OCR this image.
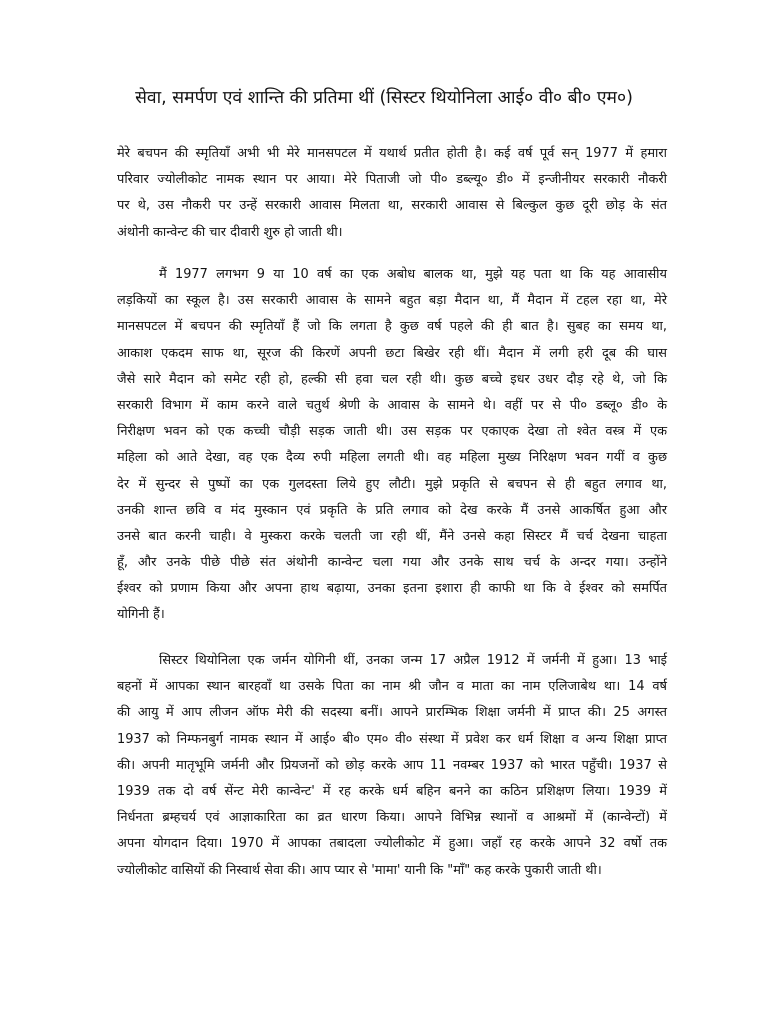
सेवा, समर्पण एवं शान्ति की प्रतिमा थीं (सिस्टर थियोनिला आई० वी० बी० एम०)
मेरे बचपन की स्मृतियाँ अभी भी मेरे मानसपटल में यथार्थ प्रतीत होती है। कई वर्ष पूर्व सन् 1977 में हमारा
परिवार ज्योलीकोट नामक स्थान पर आया। मेरे पिताजी जो पी० डब्ल्यू० डी० में इन्जीनीयर सरकारी नौकरी
पर थे, उस नौकरी पर उन्हें सरकारी आवास मिलता था, सरकारी आवास से बिल्कुल कुछ दूरी छोड़ के संत
अंथोनी कान्वेन्ट की चार दीवारी शुरु हो जाती थी।
मैं 1977 लगभग 9 या 10 वर्ष का एक अबोध बालक था, मुझे यह पता था कि यह आवासीय
लड़कियों का स्कूल है। उस सरकारी आवास के सामने बहुत बड़ा मैदान था, मैं मैदान में टहल रहा था, मेरे
मानसपटल में बचपन की स्मृतियाँ हैं जो कि लगता है कुछ वर्ष पहले की ही बात है। सुबह का समय था,
आकाश एकदम साफ था, सूरज की किरणें अपनी छटा बिखेर रही थीं। मैदान में लगी हरी दूब की घास
जैसे सारे मैदान को समेट रही हो, हल्की सी हवा चल रही थी। कुछ बच्चे इधर उधर दौड़ रहे थे, जो कि
सरकारी विभाग में काम करने वाले चतुर्थ श्रेणी के आवास के सामने थे। वहीं पर से पी० डब्लू० डी० के
निरीक्षण भवन को एक कच्ची चौड़ी सड़क जाती थी। उस सड़क पर एकाएक देखा तो श्वेत वस्त्र में एक
महिला को आते देखा, वह एक दैव्य रुपी महिला लगती थी। वह महिला मुख्य निरिक्षण भवन गयीं व कुछ
देर में सुन्दर से पुष्पों का एक गुलदस्ता लिये हुए लौटी। मुझे प्रकृति से बचपन से ही बहुत लगाव था,
उनकी शान्त छवि व मंद मुस्कान एवं प्रकृति के प्रति लगाव को देख करके मैं उनसे आकर्षित हुआ और
उनसे बात करनी चाही। वे मुस्करा करके चलती जा रही थीं, मैंने उनसे कहा सिस्टर मैं चर्च देखना चाहता
हूँ, और उनके पीछे पीछे संत अंथोनी कान्वेन्ट चला गया और उनके साथ चर्च के अन्दर गया। उन्होंने
ईश्वर को प्रणाम किया और अपना हाथ बढ़ाया, उनका इतना इशारा ही काफी था कि वे ईश्वर को समर्पित
योगिनी हैं।
सिस्टर थियोनिला एक जर्मन योगिनी थीं, उनका जन्म 17 अप्रैल 1912 में जर्मनी में हुआ। 13 भाई
बहनों में आपका स्थान बारहवाँ था उसके पिता का नाम श्री जौन व माता का नाम एलिजाबेथ था। 14 वर्ष
की आयु में आप लीजन ऑफ मेरी की सदस्या बनीं। आपने प्रारम्भिक शिक्षा जर्मनी में प्राप्त की। 25 अगस्त
1937 को निम्फनबुर्ग नामक स्थान में आई० बी० एम० वी० संस्था में प्रवेश कर धर्म शिक्षा व अन्य शिक्षा प्राप्त
की। अपनी मातृभूमि जर्मनी और प्रियजनों को छोड़ करके आप 11 नवम्बर 1937 को भारत पहुँची। 1937 से
1939 तक दो वर्ष सेंन्ट मेरी कान्वेन्ट' में रह करके धर्म बहिन बनने का कठिन प्रशिक्षण लिया। 1939 में
निर्धनता ब्रम्हचर्य एवं आज्ञाकारिता का व्रत धारण किया। आपने विभिन्न स्थानों व आश्रमों में (कान्वेन्टों) में
अपना योगदान दिया। 1970 में आपका तबादला ज्योलीकोट में हुआ। जहाँ रह करके आपने 32 वर्षो तक
ज्योलीकोट वासियों की निस्वार्थ सेवा की। आप प्यार से 'मामा' यानी कि "माँ" कह करके पुकारी जाती थी।
